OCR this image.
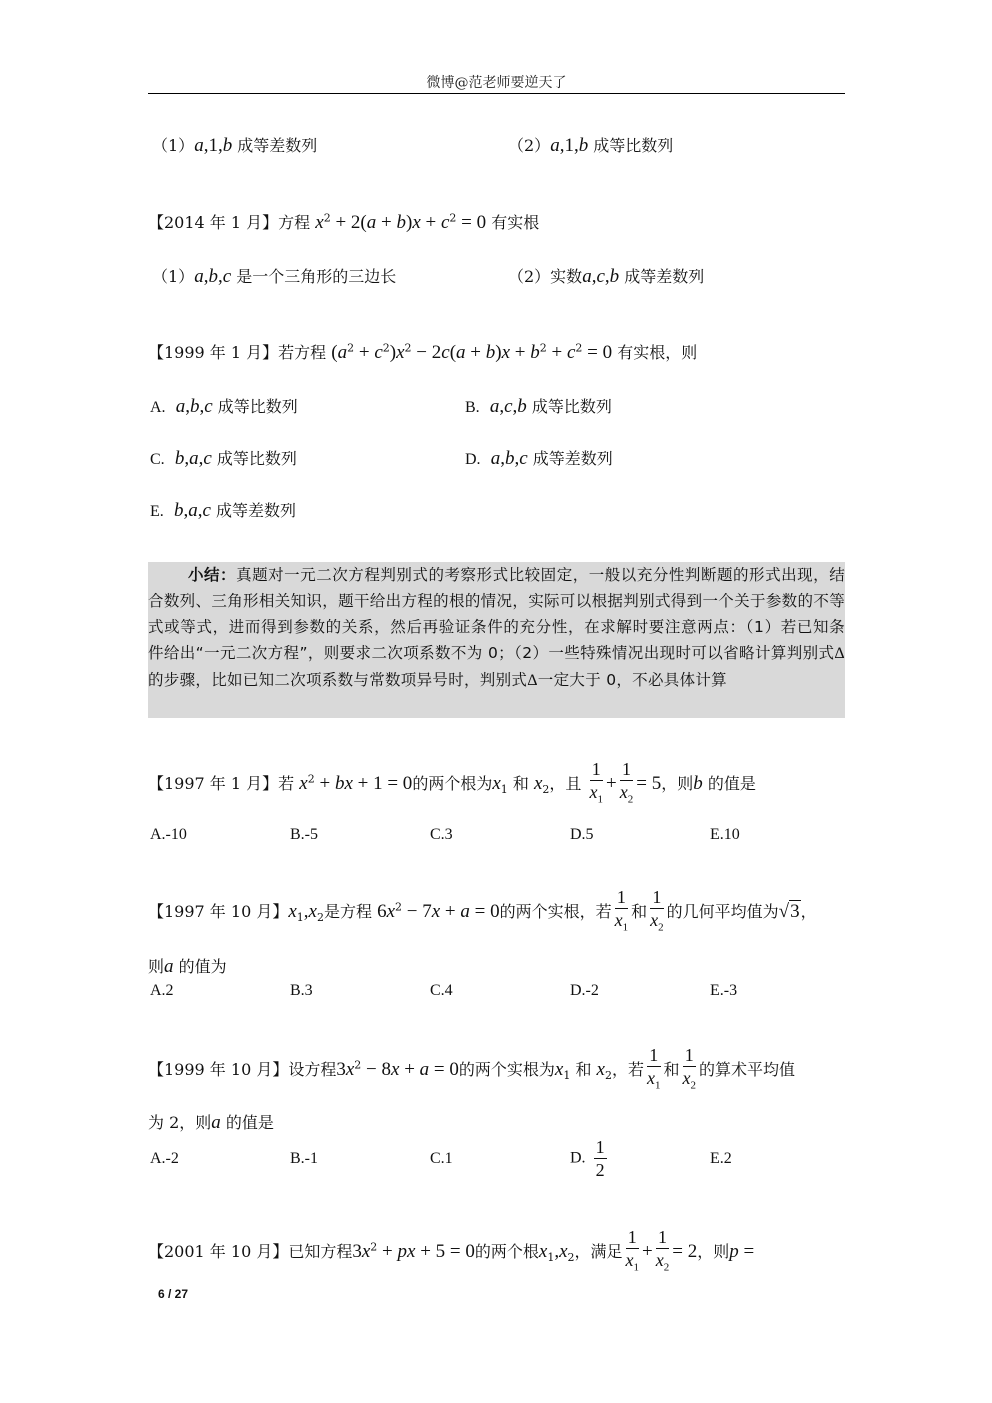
微博@范老师要逆天了
（1）a,1,b 成等差数列	（2）a,1,b 成等比数列
【2014 年 1 月】方程 $x^2 + 2(a + b)x + c^2 = 0$ 有实根
（1）a,b,c 是一个三角形的三边长	（2）实数a,c,b 成等差数列
【1999 年 1 月】若方程 $(a^2 + c^2)x^2 - 2c(a + b)x + b^2 + c^2 = 0$ 有实根，则
A. a,b,c 成等比数列	B. a,c,b 成等比数列
C. b,a,c 成等比数列	D. a,b,c 成等差数列
E. b,a,c 成等差数列
小结：真题对一元二次方程判别式的考察形式比较固定，一般以充分性判断题的形式出现，结合数列、三角形相关知识，题干给出方程的根的情况，实际可以根据判别式得到一个关于参数的不等式或等式，进而得到参数的关系，然后再验证条件的充分性，在求解时要注意两点：（1）若已知条件给出“一元二次方程”，则要求二次项系数不为 0；（2）一些特殊情况出现时可以省略计算判别式Δ的步骤，比如已知二次项系数与常数项异号时，判别式Δ一定大于 0，不必具体计算
【1997 年 1 月】若 $x^2$ + bx + 1 = 0的两个根为$x_1$ 和 $x_2$，且 $\frac{1}{x_1} + \frac{1}{x_2} = 5$，则b 的值是
A.-10	B.-5	C.3	D.5	E.10
【1997 年 10 月】$x_1,x_2$是方程 $6x^2 - 7x + a = 0$的两个实根，若 $\frac{1}{x_1}$ 和 $\frac{1}{x_2}$ 的几何平均值为√3，
则a 的值为
A.2	B.3	C.4	D.-2	E.-3
【1999 年 10 月】设方程$3x^2 - 8x + a = 0$的两个实根为$x_1$ 和 $x_2$，若 $\frac{1}{x_1}$ 和 $\frac{1}{x_2}$ 的算术平均值
为 2，则a 的值是
A.-2	B.-1	C.1	D. $\frac{1}{2}$	E.2
【2001 年 10 月】已知方程$3x^2$ + px + 5 = 0的两个根$x_1,x_2$，满足 $\frac{1}{x_1} + \frac{1}{x_2} = 2$，则p =
6 / 27
